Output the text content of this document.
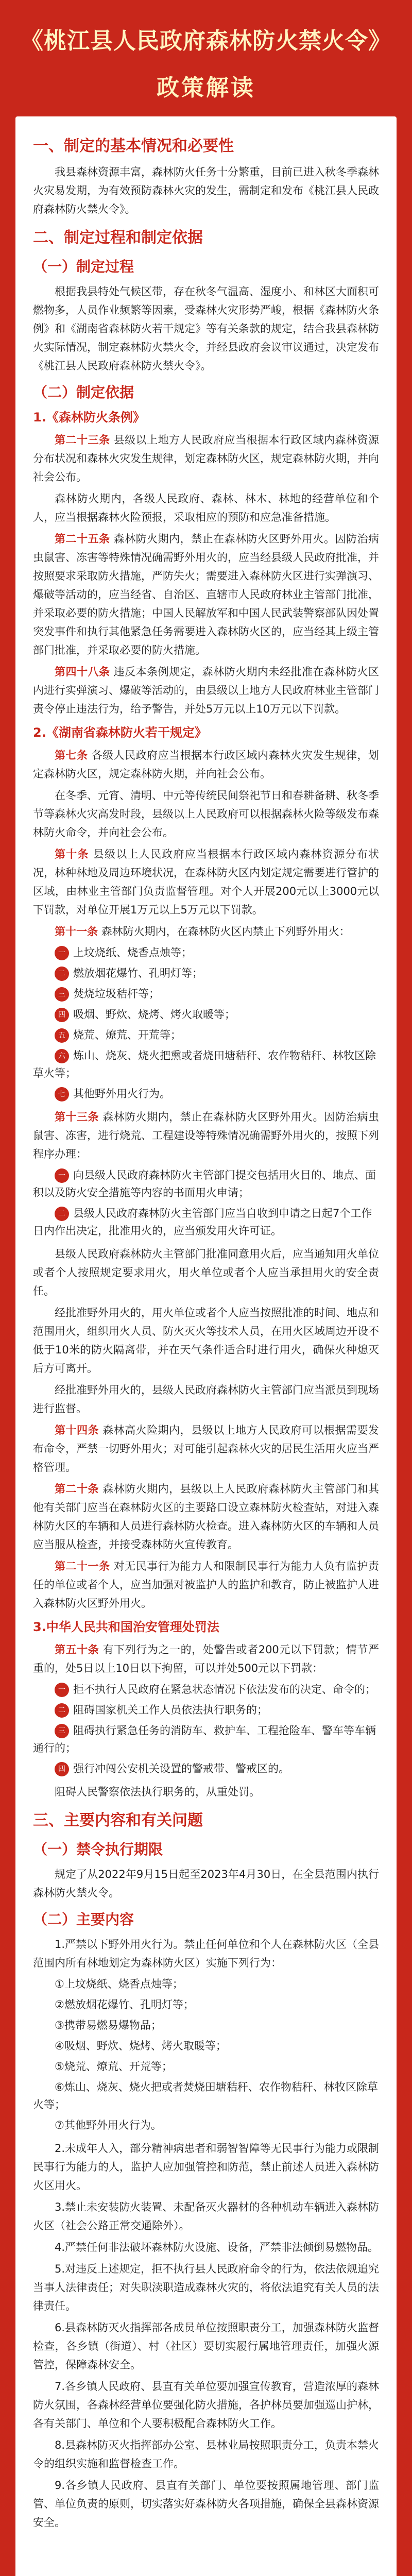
《桃江县人民政府森林防火禁火令》
政策解读
一、制定的基本情况和必要性
我县森林资源丰富，森林防火任务十分繁重，目前已进入秋冬季森林火灾易发期，为有效预防森林火灾的发生，需制定和发布《桃江县人民政府森林防火禁火令》。
二、制定过程和制定依据
（一）制定过程
根据我县特处气候区带，存在秋冬气温高、湿度小、和林区大面积可燃物多，人员作业频繁等因素，受森林火灾形势严峻，根据《森林防火条例》和《湖南省森林防火若干规定》等有关条款的规定，结合我县森林防火实际情况，制定森林防火禁火令，并经县政府会议审议通过，决定发布《桃江县人民政府森林防火禁火令》。
（二）制定依据
1.《森林防火条例》
第二十三条 县级以上地方人民政府应当根据本行政区域内森林资源分布状况和森林火灾发生规律，划定森林防火区，规定森林防火期，并向社会公布。
森林防火期内，各级人民政府、森林、林木、林地的经营单位和个人，应当根据森林火险预报，采取相应的预防和应急准备措施。
第二十五条 森林防火期内，禁止在森林防火区野外用火。因防治病虫鼠害、冻害等特殊情况确需野外用火的，应当经县级人民政府批准，并按照要求采取防火措施，严防失火；需要进入森林防火区进行实弹演习、爆破等活动的，应当经省、自治区、直辖市人民政府林业主管部门批准，并采取必要的防火措施；中国人民解放军和中国人民武装警察部队因处置突发事件和执行其他紧急任务需要进入森林防火区的，应当经其上级主管部门批准，并采取必要的防火措施。
第四十八条 违反本条例规定，森林防火期内未经批准在森林防火区内进行实弹演习、爆破等活动的，由县级以上地方人民政府林业主管部门责令停止违法行为，给予警告，并处5万元以上10万元以下罚款。
2.《湖南省森林防火若干规定》
第七条 各级人民政府应当根据本行政区域内森林火灾发生规律，划定森林防火区，规定森林防火期，并向社会公布。
在冬季、元宵、清明、中元等传统民间祭祀节日和春耕备耕、秋冬季节等森林火灾高发时段，县级以上人民政府可以根据森林火险等级发布森林防火命令，并向社会公布。
第十条 县级以上人民政府应当根据本行政区域内森林资源分布状况，林种林地及周边环境状况，在森林防火区内划定规定需要进行管护的区域，由林业主管部门负责监督管理。对个人开展200元以上3000元以下罚款，对单位开展1万元以上5万元以下罚款。
第十一条 森林防火期内，在森林防火区内禁止下列野外用火：
一 上坟烧纸、烧香点烛等；
二 燃放烟花爆竹、孔明灯等；
三 焚烧垃圾秸杆等；
四 吸烟、野炊、烧烤、烤火取暖等；
五 烧荒、燎荒、开荒等；
六 炼山、烧灰、烧火把熏或者烧田塘秸秆、农作物秸秆、林牧区除草火等；
七 其他野外用火行为。
第十三条 森林防火期内，禁止在森林防火区野外用火。因防治病虫鼠害、冻害，进行烧荒、工程建设等特殊情况确需野外用火的，按照下列程序办理：
一 向县级人民政府森林防火主管部门提交包括用火目的、地点、面积以及防火安全措施等内容的书面用火申请；
二 县级人民政府森林防火主管部门应当自收到申请之日起7个工作日内作出决定，批准用火的，应当颁发用火许可证。
县级人民政府森林防火主管部门批准同意用火后，应当通知用火单位或者个人按照规定要求用火，用火单位或者个人应当承担用火的安全责任。
经批准野外用火的，用火单位或者个人应当按照批准的时间、地点和范围用火，组织用火人员、防火灭火等技术人员，在用火区域周边开设不低于10米的防火隔离带，并在天气条件适合时进行用火，确保火种熄灭后方可离开。
经批准野外用火的，县级人民政府森林防火主管部门应当派员到现场进行监督。
第十四条 森林高火险期内，县级以上地方人民政府可以根据需要发布命令，严禁一切野外用火；对可能引起森林火灾的居民生活用火应当严格管理。
第二十条 森林防火期内，县级以上人民政府森林防火主管部门和其他有关部门应当在森林防火区的主要路口设立森林防火检查站，对进入森林防火区的车辆和人员进行森林防火检查。进入森林防火区的车辆和人员应当服从检查，并接受森林防火宣传教育。
第二十一条 对无民事行为能力人和限制民事行为能力人负有监护责任的单位或者个人，应当加强对被监护人的监护和教育，防止被监护人进入森林防火区野外用火。
3.中华人民共和国治安管理处罚法
第五十条 有下列行为之一的，处警告或者200元以下罚款；情节严重的，处5日以上10日以下拘留，可以并处500元以下罚款：
一 拒不执行人民政府在紧急状态情况下依法发布的决定、命令的；
二 阻碍国家机关工作人员依法执行职务的；
三 阻碍执行紧急任务的消防车、救护车、工程抢险车、警车等车辆通行的；
四 强行冲闯公安机关设置的警戒带、警戒区的。
阻碍人民警察依法执行职务的，从重处罚。
三、主要内容和有关问题
（一）禁令执行期限
规定了从2022年9月15日起至2023年4月30日，在全县范围内执行森林防火禁火令。
（二）主要内容
1.严禁以下野外用火行为。禁止任何单位和个人在森林防火区（全县范围内所有林地划定为森林防火区）实施下列行为：
①上坟烧纸、烧香点烛等；
②燃放烟花爆竹、孔明灯等；
③携带易燃易爆物品；
④吸烟、野炊、烧烤、烤火取暖等；
⑤烧荒、燎荒、开荒等；
⑥炼山、烧灰、烧火把或者焚烧田塘秸秆、农作物秸秆、林牧区除草火等；
⑦其他野外用火行为。
2.未成年人入，部分精神病患者和弱智智障等无民事行为能力或限制民事行为能力的人，监护人应加强管控和防范，禁止前述人员进入森林防火区用火。
3.禁止未安装防火装置、未配备灭火器材的各种机动车辆进入森林防火区（社会公路正常交通除外）。
4.严禁任何非法破坏森林防火设施、设备，严禁非法倾倒易燃物品。
5.对违反上述规定，拒不执行县人民政府命令的行为，依法依规追究当事人法律责任；对失职渎职造成森林火灾的，将依法追究有关人员的法律责任。
6.县森林防灭火指挥部各成员单位按照职责分工，加强森林防火监督检查，各乡镇（街道）、村（社区）要切实履行属地管理责任，加强火源管控，保障森林安全。
7.各乡镇人民政府、县直有关单位要加强宣传教育，营造浓厚的森林防火氛围，各森林经营单位要强化防火措施，各护林员要加强巡山护林，各有关部门、单位和个人要积极配合森林防火工作。
8.县森林防灭火指挥部办公室、县林业局按照职责分工，负责本禁火令的组织实施和监督检查工作。
9.各乡镇人民政府、县直有关部门、单位要按照属地管理、部门监管、单位负责的原则，切实落实好森林防火各项措施，确保全县森林资源安全。
